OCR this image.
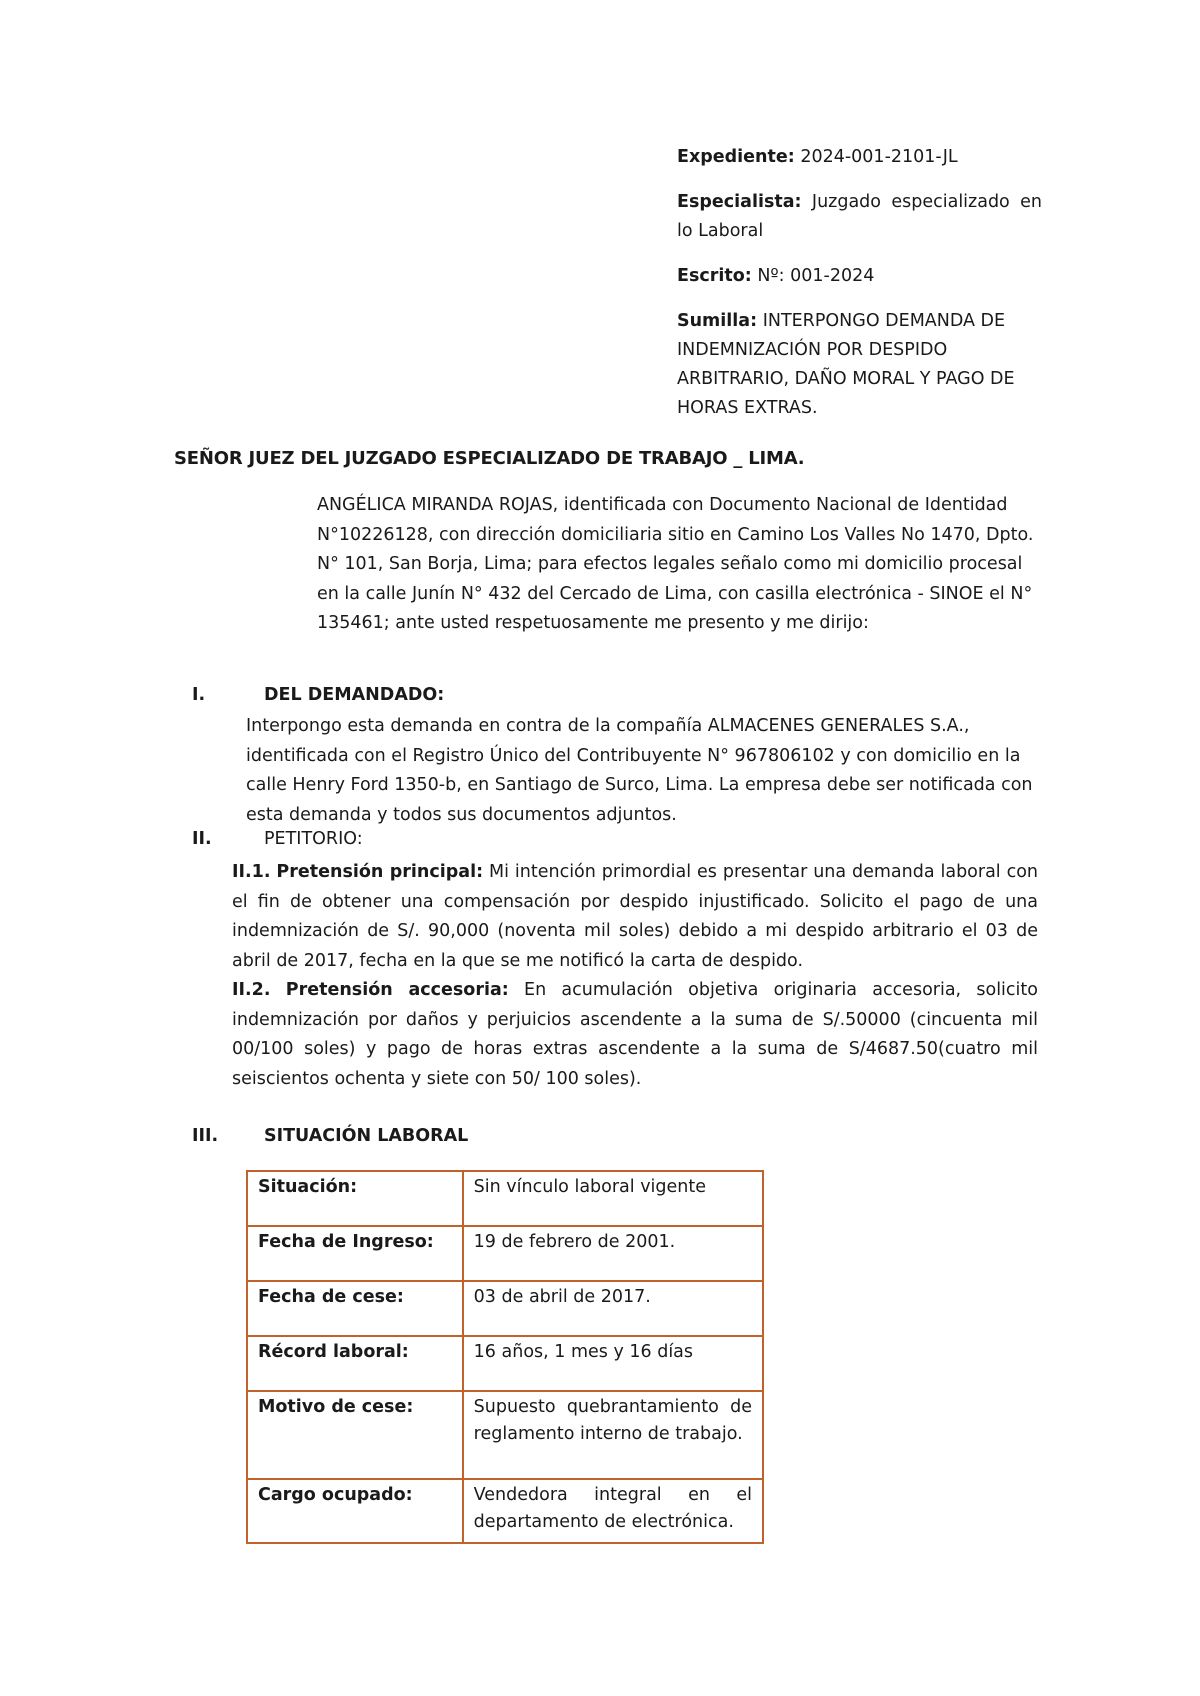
Expediente: 2024-001-2101-JL
Especialista: Juzgado especializado en lo Laboral
Escrito: Nº: 001-2024
Sumilla: INTERPONGO DEMANDA DE INDEMNIZACIÓN POR DESPIDO ARBITRARIO, DAÑO MORAL Y PAGO DE HORAS EXTRAS.
SEÑOR JUEZ DEL JUZGADO ESPECIALIZADO DE TRABAJO _ LIMA.
ANGÉLICA MIRANDA ROJAS, identificada con Documento Nacional de Identidad N°10226128, con dirección domiciliaria sitio en Camino Los Valles No 1470, Dpto. N° 101, San Borja, Lima; para efectos legales señalo como mi domicilio procesal en la calle Junín N° 432 del Cercado de Lima, con casilla electrónica - SINOE el N° 135461; ante usted respetuosamente me presento y me dirijo:
I.	DEL DEMANDADO:
Interpongo esta demanda en contra de la compañía ALMACENES GENERALES S.A., identificada con el Registro Único del Contribuyente N° 967806102 y con domicilio en la calle Henry Ford 1350-b, en Santiago de Surco, Lima. La empresa debe ser notificada con esta demanda y todos sus documentos adjuntos.
II.	PETITORIO:
II.1. Pretensión principal: Mi intención primordial es presentar una demanda laboral con el fin de obtener una compensación por despido injustificado. Solicito el pago de una indemnización de S/. 90,000 (noventa mil soles) debido a mi despido arbitrario el 03 de abril de 2017, fecha en la que se me notificó la carta de despido.
II.2. Pretensión accesoria: En acumulación objetiva originaria accesoria, solicito indemnización por daños y perjuicios ascendente a la suma de S/.50000 (cincuenta mil 00/100 soles) y pago de horas extras ascendente a la suma de S/4687.50(cuatro mil seiscientos ochenta y siete con 50/ 100 soles).
III.	SITUACIÓN LABORAL
Situación:	Sin vínculo laboral vigente
Fecha de Ingreso:	19 de febrero de 2001.
Fecha de cese:	03 de abril de 2017.
Récord laboral:	16 años, 1 mes y 16 días
Motivo de cese:	Supuesto quebrantamiento de reglamento interno de trabajo.
Cargo ocupado:	Vendedora integral en el departamento de electrónica.
